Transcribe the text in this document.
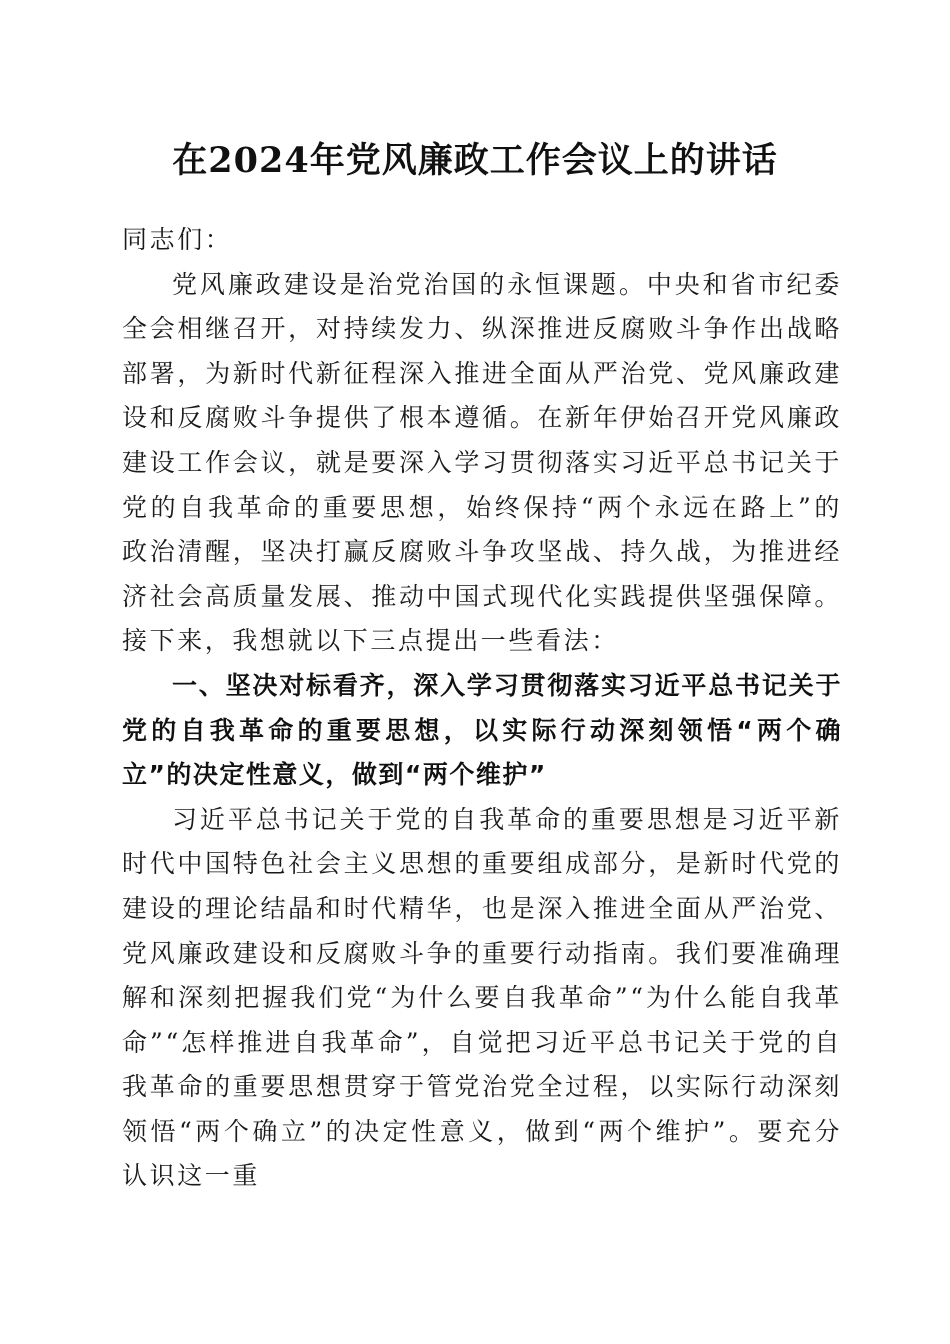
在2024年党风廉政工作会议上的讲话

同志们：

党风廉政建设是治党治国的永恒课题。中央和省市纪委全会相继召开，对持续发力、纵深推进反腐败斗争作出战略部署，为新时代新征程深入推进全面从严治党、党风廉政建设和反腐败斗争提供了根本遵循。在新年伊始召开党风廉政建设工作会议，就是要深入学习贯彻落实习近平总书记关于党的自我革命的重要思想，始终保持“两个永远在路上”的政治清醒，坚决打赢反腐败斗争攻坚战、持久战，为推进经济社会高质量发展、推动中国式现代化实践提供坚强保障。接下来，我想就以下三点提出一些看法：

一、坚决对标看齐，深入学习贯彻落实习近平总书记关于党的自我革命的重要思想，以实际行动深刻领悟“两个确立”的决定性意义，做到“两个维护”

习近平总书记关于党的自我革命的重要思想是习近平新时代中国特色社会主义思想的重要组成部分，是新时代党的建设的理论结晶和时代精华，也是深入推进全面从严治党、党风廉政建设和反腐败斗争的重要行动指南。我们要准确理解和深刻把握我们党“为什么要自我革命”“为什么能自我革命”“怎样推进自我革命”，自觉把习近平总书记关于党的自我革命的重要思想贯穿于管党治党全过程，以实际行动深刻领悟“两个确立”的决定性意义，做到“两个维护”。要充分认识这一重
